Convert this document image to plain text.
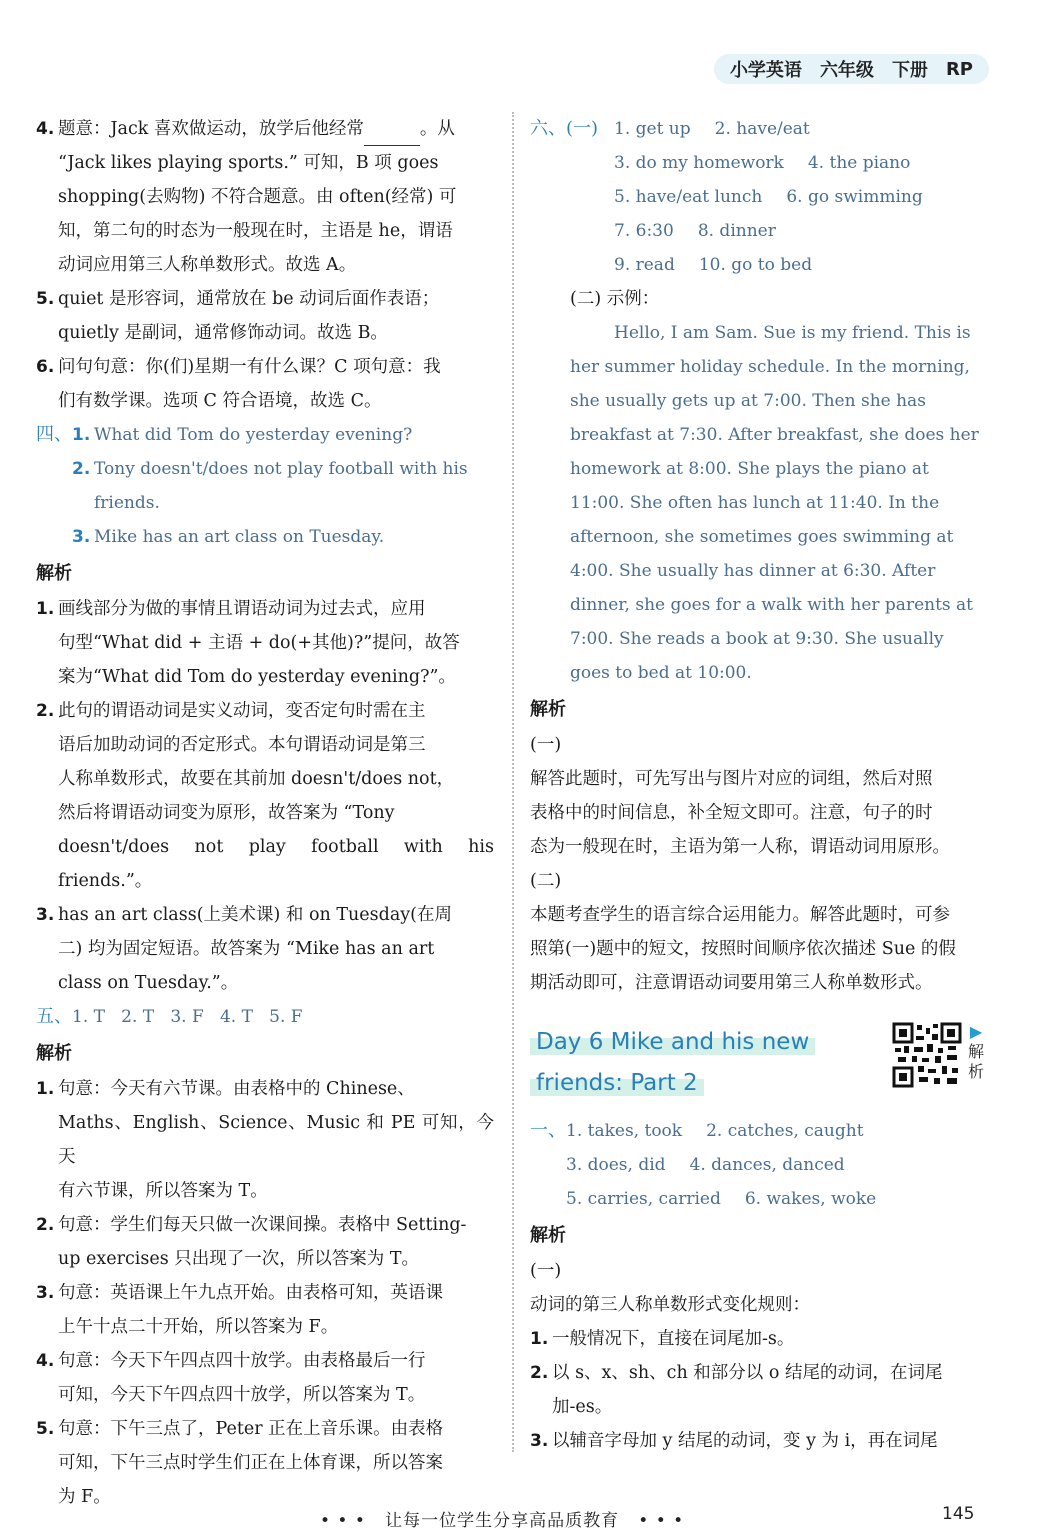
小学英语 六年级 下册 RP
4. 题意：Jack 喜欢做运动，放学后他经常	。从

“Jack likes playing sports.” 可知，B 项 goes

shopping(去购物) 不符合题意。由 often(经常) 可

知，第二句的时态为一般现在时，主语是 he，谓语

动词应用第三人称单数形式。故选 A。

5. quiet 是形容词，通常放在 be 动词后面作表语；

quietly 是副词，通常修饰动词。故选 B。

6. 问句句意：你(们)星期一有什么课？C 项句意：我

们有数学课。选项 C 符合语境，故选 C。

四、 1. What did Tom do yesterday evening?

2. Tony doesn't/does not play football with his

friends.

3. Mike has an art class on Tuesday.

解析

1. 画线部分为做的事情且谓语动词为过去式，应用

句型“What did + 主语 + do(+其他)?”提问，故答

案为“What did Tom do yesterday evening?”。

2. 此句的谓语动词是实义动词，变否定句时需在主

语后加助动词的否定形式。本句谓语动词是第三

人称单数形式，故要在其前加 doesn't/does not，

然后将谓语动词变为原形，故答案为 “Tony

doesn't/does not play football with his friends.”。

3. has an art class(上美术课) 和 on Tuesday(在周

二) 均为固定短语。故答案为 “Mike has an art

class on Tuesday.”。

五、 1. T   2. T   3. F   4. T   5. F

解析

1. 句意：今天有六节课。由表格中的 Chinese、

Maths、English、Science、Music 和 PE 可知，今天

有六节课，所以答案为 T。

2. 句意：学生们每天只做一次课间操。表格中 Setting-

up exercises 只出现了一次，所以答案为 T。

3. 句意：英语课上午九点开始。由表格可知，英语课

上午十点二十开始，所以答案为 F。

4. 句意：今天下午四点四十放学。由表格最后一行

可知，今天下午四点四十放学，所以答案为 T。

5. 句意：下午三点了，Peter 正在上音乐课。由表格

可知，下午三点时学生们正在上体育课，所以答案

为 F。

六、(一) 1. get up 2. have/eat
3. do my homework 4. the piano
5. have/eat lunch 6. go swimming
7. 6:30 8. dinner
9. read 10. go to bed

(二) 示例：

Hello, I am Sam. Sue is my friend. This is

her summer holiday schedule. In the morning,

she usually gets up at 7:00. Then she has

breakfast at 7:30. After breakfast, she does her

homework at 8:00. She plays the piano at

11:00. She often has lunch at 11:40. In the

afternoon, she sometimes goes swimming at

4:00. She usually has dinner at 6:30. After

dinner, she goes for a walk with her parents at

7:00. She reads a book at 9:30. She usually

goes to bed at 10:00.

解析

(一)

解答此题时，可先写出与图片对应的词组，然后对照

表格中的时间信息，补全短文即可。注意，句子的时

态为一般现在时，主语为第一人称，谓语动词用原形。

(二)

本题考查学生的语言综合运用能力。解答此题时，可参

照第(一)题中的短文，按照时间顺序依次描述 Sue 的假

期活动即可，注意谓语动词要用第三人称单数形式。

Day 6 Mike and his new
friends: Part 2
▶
解析
一、 1. takes, took 2. catches, caught
3. does, did 4. dances, danced
5. carries, carried 6. wakes, woke

解析

(一)

动词的第三人称单数形式变化规则：

1. 一般情况下，直接在词尾加-s。

2. 以 s、x、sh、ch 和部分以 o 结尾的动词，在词尾

加-es。

3. 以辅音字母加 y 结尾的动词，变 y 为 i，再在词尾

• • •   让每一位学生分享高品质教育   • • •	145
